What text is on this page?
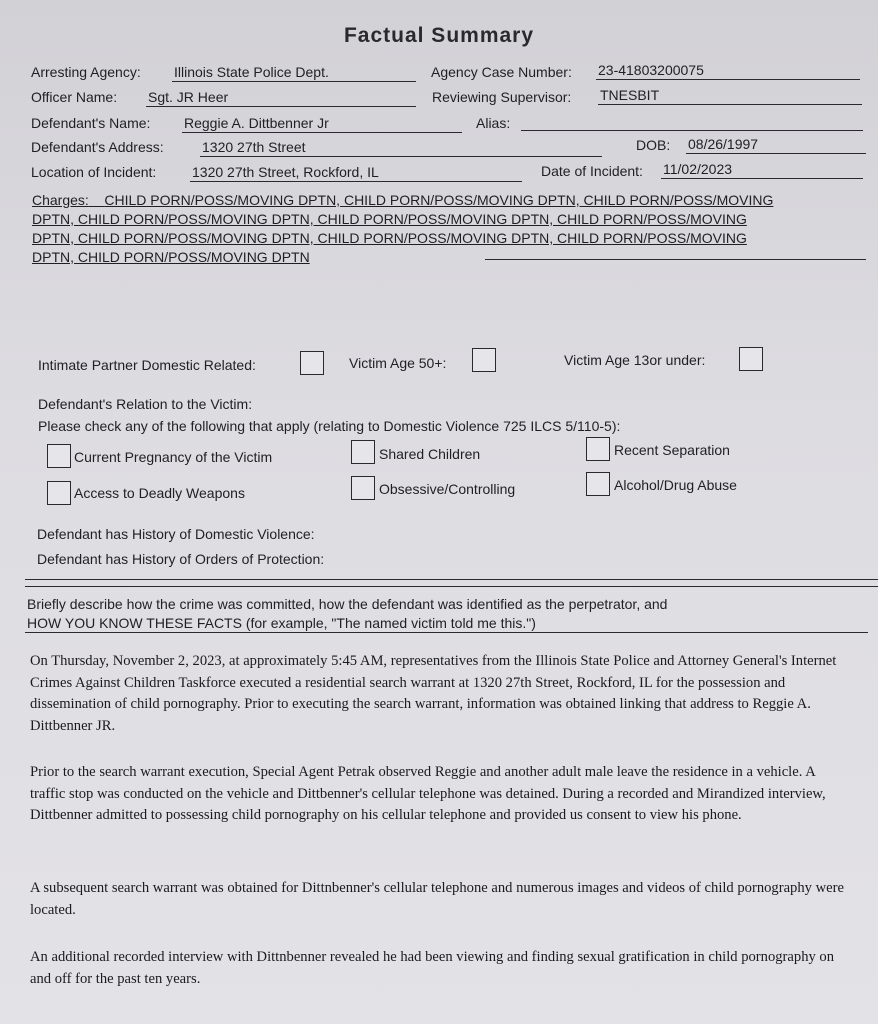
Factual Summary
Arresting Agency: Illinois State Police Dept.	Agency Case Number: 23-41803200075
Officer Name: Sgt. JR Heer	Reviewing Supervisor: TNESBIT
Defendant's Name: Reggie A. Dittbenner Jr	Alias:
Defendant's Address:	1320 27th Street	DOB: 08/26/1997
Location of Incident:	1320 27th Street, Rockford, IL	Date of Incident: 11/02/2023
Charges: CHILD PORN/POSS/MOVING DPTN, CHILD PORN/POSS/MOVING DPTN, CHILD PORN/POSS/MOVING DPTN, CHILD PORN/POSS/MOVING DPTN, CHILD PORN/POSS/MOVING DPTN, CHILD PORN/POSS/MOVING DPTN, CHILD PORN/POSS/MOVING DPTN, CHILD PORN/POSS/MOVING DPTN, CHILD PORN/POSS/MOVING DPTN, CHILD PORN/POSS/MOVING DPTN
Intimate Partner Domestic Related:	Victim Age 50+:	Victim Age 13or under:
Defendant's Relation to the Victim:
Please check any of the following that apply (relating to Domestic Violence 725 ILCS 5/110-5):
Current Pregnancy of the Victim	Shared Children	Recent Separation
Access to Deadly Weapons	Obsessive/Controlling	Alcohol/Drug Abuse
Defendant has History of Domestic Violence:
Defendant has History of Orders of Protection:
Briefly describe how the crime was committed, how the defendant was identified as the perpetrator, and
HOW YOU KNOW THESE FACTS (for example, "The named victim told me this.")
On Thursday, November 2, 2023, at approximately 5:45 AM, representatives from the Illinois State Police and Attorney General's Internet Crimes Against Children Taskforce executed a residential search warrant at 1320 27th Street, Rockford, IL for the possession and dissemination of child pornography. Prior to executing the search warrant, information was obtained linking that address to Reggie A. Dittbenner JR.
Prior to the search warrant execution, Special Agent Petrak observed Reggie and another adult male leave the residence in a vehicle. A traffic stop was conducted on the vehicle and Dittbenner's cellular telephone was detained. During a recorded and Mirandized interview, Dittbenner admitted to possessing child pornography on his cellular telephone and provided us consent to view his phone.
A subsequent search warrant was obtained for Dittnbenner's cellular telephone and numerous images and videos of child pornography were located.
An additional recorded interview with Dittnbenner revealed he had been viewing and finding sexual gratification in child pornography on and off for the past ten years.
